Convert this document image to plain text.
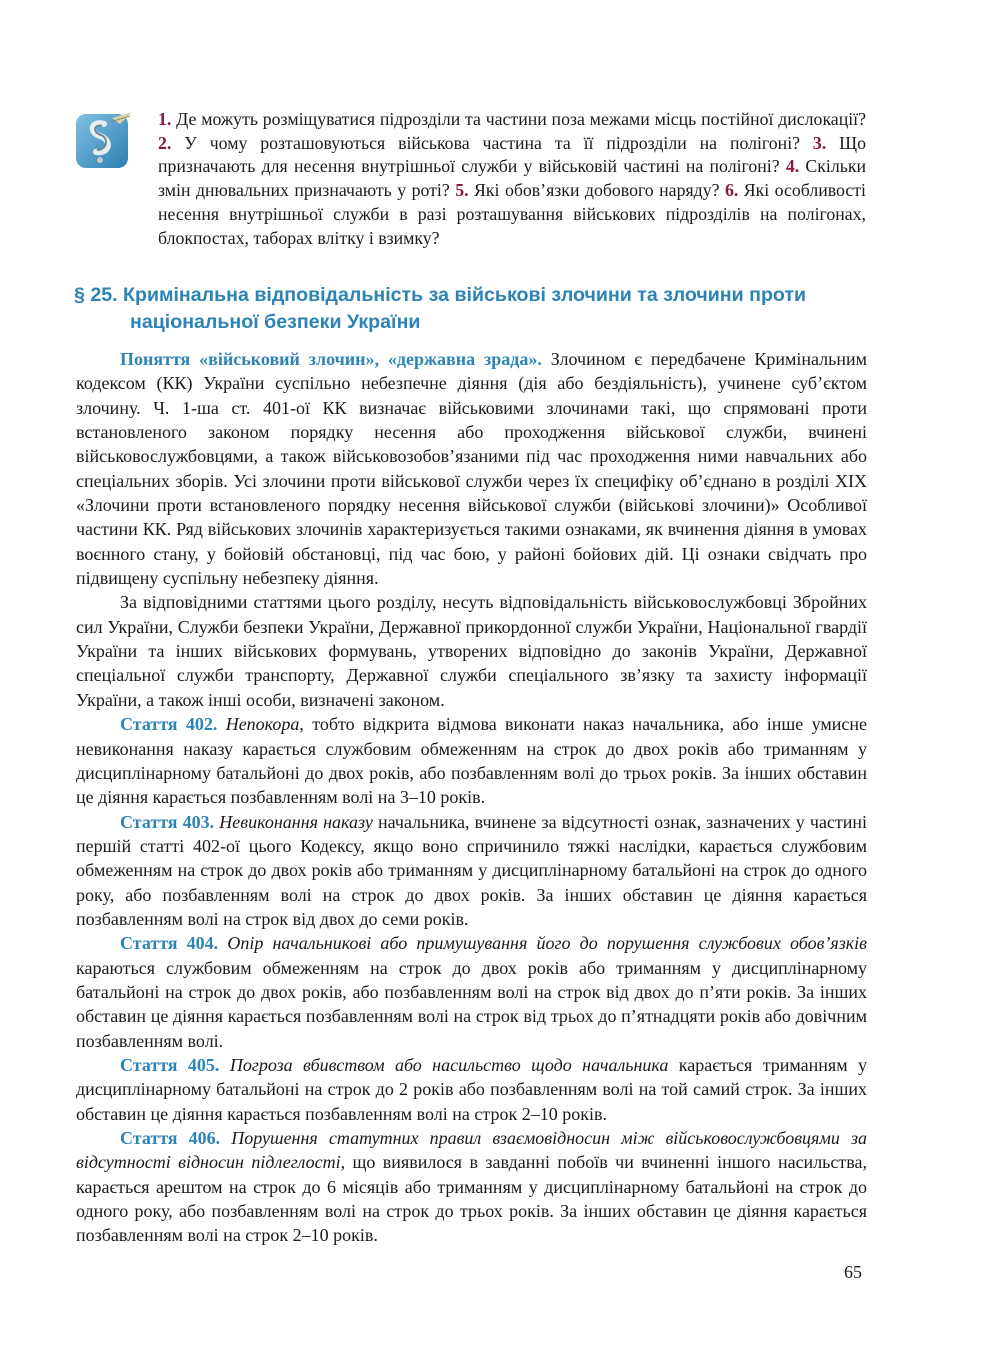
1. Де можуть розміщуватися підрозділи та частини поза межами місць постійної дислокації? 2. У чому розташовуються військова частина та її підрозділи на полігоні? 3. Що призначають для несення внутрішньої служби у військовій частині на полігоні? 4. Скільки змін днювальних призначають у роті? 5. Які обов’язки добового наряду? 6. Які особливості несення внутрішньої служби в разі розташування військових підрозділів на полігонах, блокпостах, таборах влітку і взимку?
§ 25. Кримінальна відповідальність за військові злочини та злочини проти
національної безпеки України

Поняття «військовий злочин», «державна зрада». Злочином є передбачене Кримінальним кодексом (КК) України суспільно небезпечне діяння (дія або бездіяльність), учинене суб’єктом злочину. Ч. 1-ша ст. 401-ої КК визначає військовими злочинами такі, що спрямовані проти встановленого законом порядку несення або проходження військової служби, вчинені військовослужбовцями, а також військовозобов’язаними під час проходження ними навчальних або спеціальних зборів. Усі злочини проти військової служби через їх специфіку об’єднано в розділі XIX «Злочини проти встановленого порядку несення військової служби (військові злочини)» Особливої частини КК. Ряд військових злочинів характеризується такими ознаками, як вчинення діяння в умовах воєнного стану, у бойовій обстановці, під час бою, у районі бойових дій. Ці ознаки свідчать про підвищену суспільну небезпеку діяння.

За відповідними статтями цього розділу, несуть відповідальність військовослужбовці Збройних сил України, Служби безпеки України, Державної прикордонної служби України, Національної гвардії України та інших військових формувань, утворених відповідно до законів України, Державної спеціальної служби транспорту, Державної служби спеціального зв’язку та захисту інформації України, а також інші особи, визначені законом.

Стаття 402. Непокора, тобто відкрита відмова виконати наказ начальника, або інше умисне невиконання наказу карається службовим обмеженням на строк до двох років або триманням у дисциплінарному батальйоні до двох років, або позбавленням волі до трьох років. За інших обставин це діяння карається позбавленням волі на 3–10 років.

Стаття 403. Невиконання наказу начальника, вчинене за відсутності ознак, зазначених у частині першій статті 402-ої цього Кодексу, якщо воно спричинило тяжкі наслідки, карається службовим обмеженням на строк до двох років або триманням у дисциплінарному батальйоні на строк до одного року, або позбавленням волі на строк до двох років. За інших обставин це діяння карається позбавленням волі на строк від двох до семи років.

Стаття 404. Опір начальникові або примушування його до порушення службових обов’язків караються службовим обмеженням на строк до двох років або триманням у дисциплінарному батальйоні на строк до двох років, або позбавленням волі на строк від двох до п’яти років. За інших обставин це діяння карається позбавленням волі на строк від трьох до п’ятнадцяти років або довічним позбавленням волі.

Стаття 405. Погроза вбивством або насильство щодо начальника карається триманням у дисциплінарному батальйоні на строк до 2 років або позбавленням волі на той самий строк. За інших обставин це діяння карається позбавленням волі на строк 2–10 років.

Стаття 406. Порушення статутних правил взаємовідносин між військовослужбовцями за відсутності відносин підлеглості, що виявилося в завданні побоїв чи вчиненні іншого насильства, карається арештом на строк до 6 місяців або триманням у дисциплінарному батальйоні на строк до одного року, або позбавленням волі на строк до трьох років. За інших обставин це діяння карається позбавленням волі на строк 2–10 років.

65
